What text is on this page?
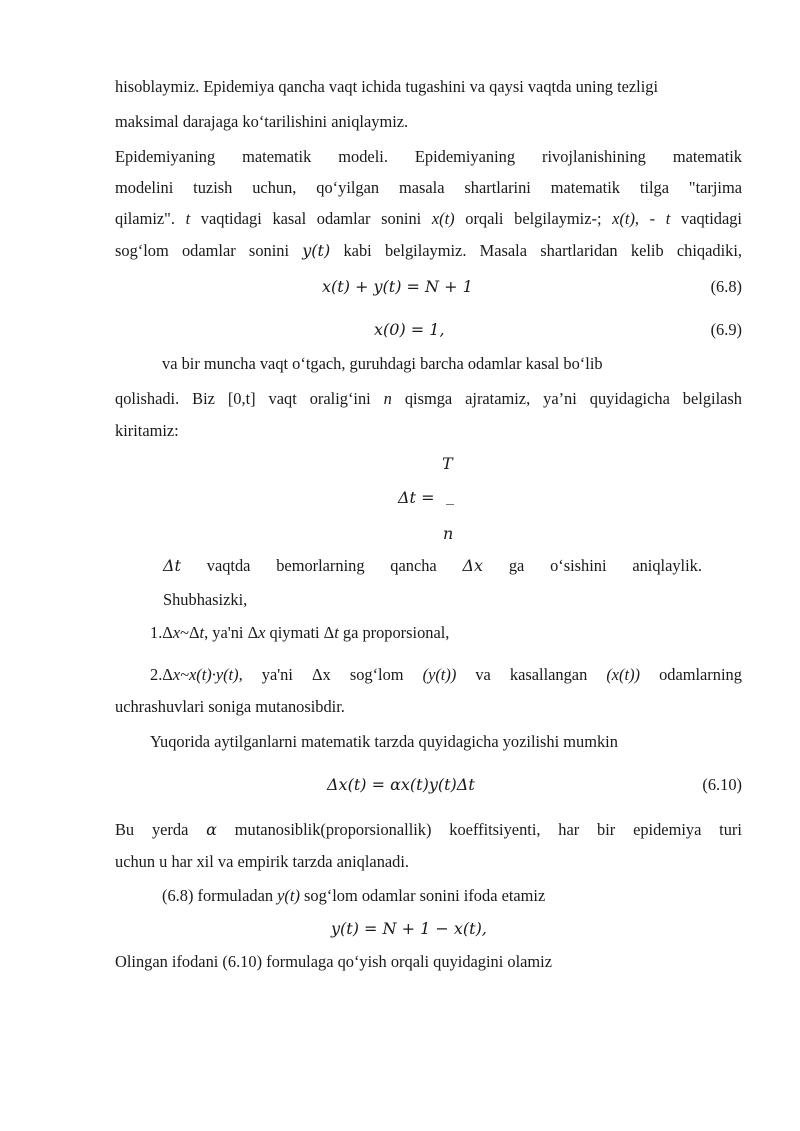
hisoblaymiz. Epidemiya qancha vaqt ichida tugashini va qaysi vaqtda uning tezligi
maksimal darajaga ko‘tarilishini aniqlaymiz.
Epidemiyaning matematik modeli. Epidemiyaning rivojlanishining matematik
modelini tuzish uchun, qo‘yilgan masala shartlarini matematik tilga "tarjima
qilamiz". t vaqtidagi kasal odamlar sonini x(t) orqali belgilaymiz-; x(t), - t vaqtidagi
sog‘lom odamlar sonini y(t) kabi belgilaymiz. Masala shartlaridan kelib chiqadiki,
x(t) + y(t) = N + 1	(6.8)
x(0) = 1,	(6.9)
va bir muncha vaqt o‘tgach, guruhdagi barcha odamlar kasal bo‘lib
qolishadi. Biz [0,t] vaqt oralig‘ini n qismga ajratamiz, ya’ni quyidagicha belgilash
kiritamiz:
T
Δt = _
n
Δt vaqtda bemorlarning qancha Δx ga o‘sishini aniqlaylik.
Shubhasizki,
1.Δx~Δt, ya'ni Δx qiymati Δt ga proporsional,
2.Δx~x(t)·y(t), ya'ni Δx sog‘lom (y(t)) va kasallangan (x(t)) odamlarning
uchrashuvlari soniga mutanosibdir.
Yuqorida aytilganlarni matematik tarzda quyidagicha yozilishi mumkin
Δx(t) = αx(t)y(t)Δt	(6.10)
Bu yerda α mutanosiblik(proporsionallik) koeffitsiyenti, har bir epidemiya turi
uchun u har xil va empirik tarzda aniqlanadi.
(6.8) formuladan y(t) sog‘lom odamlar sonini ifoda etamiz
y(t) = N + 1 − x(t),
Olingan ifodani (6.10) formulaga qo‘yish orqali quyidagini olamiz
